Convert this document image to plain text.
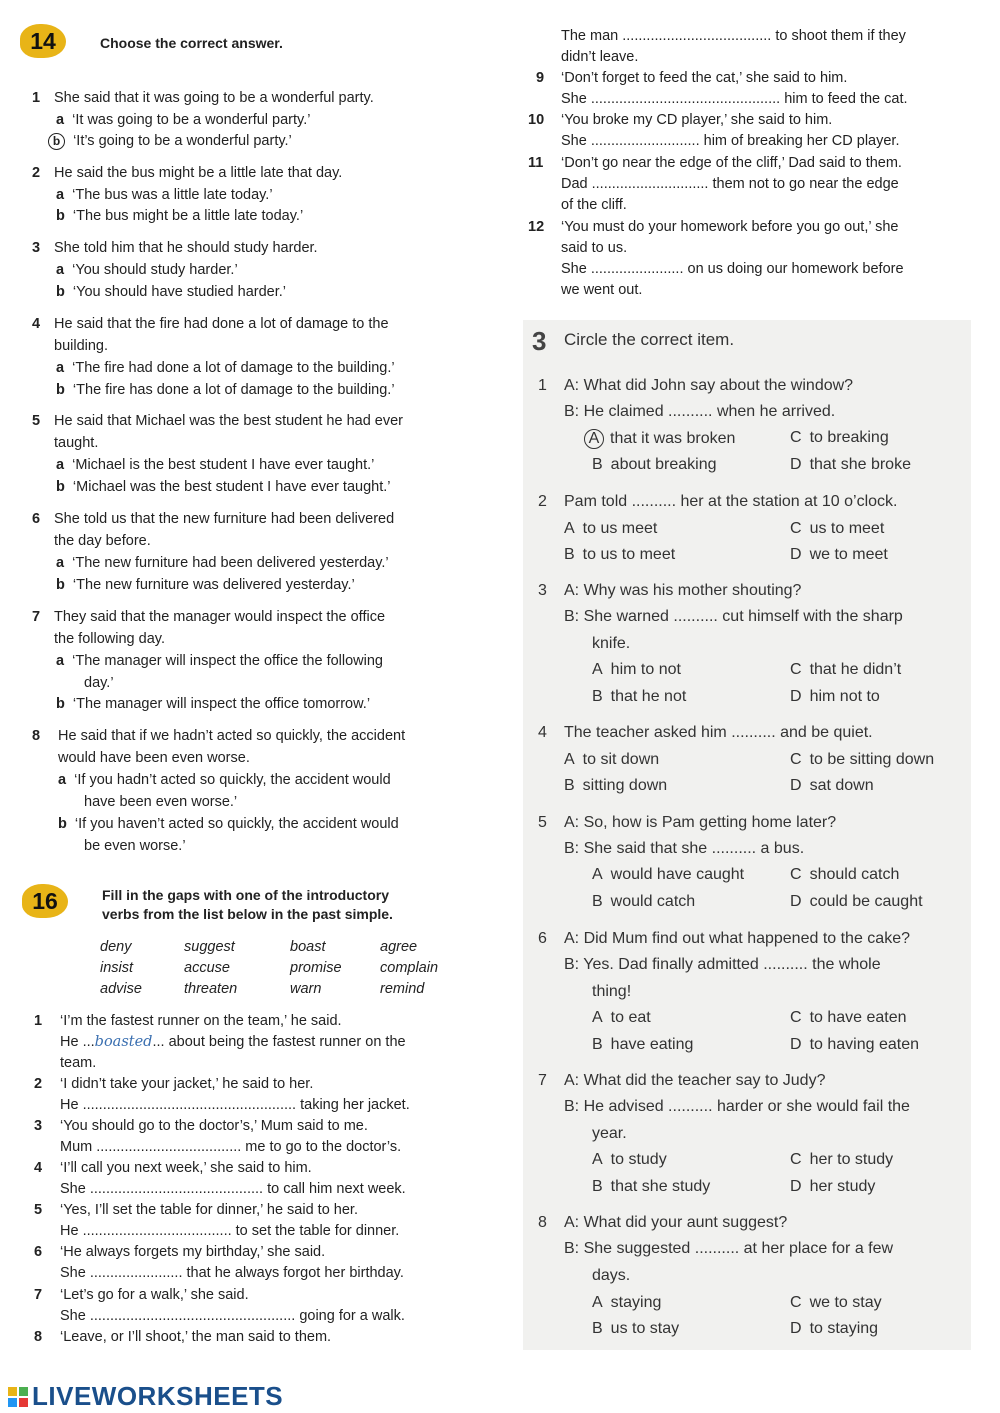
14	Choose the correct answer.
1 She said that it was going to be a wonderful party.
a ‘It was going to be a wonderful party.’
b ‘It’s going to be a wonderful party.’
2 He said the bus might be a little late that day.
a ‘The bus was a little late today.’
b ‘The bus might be a little late today.’
3 She told him that he should study harder.
a ‘You should study harder.’
b ‘You should have studied harder.’
4 He said that the fire had done a lot of damage to the
building.
a ‘The fire had done a lot of damage to the building.’
b ‘The fire has done a lot of damage to the building.’
5 He said that Michael was the best student he had ever
taught.
a ‘Michael is the best student I have ever taught.’
b ‘Michael was the best student I have ever taught.’
6 She told us that the new furniture had been delivered
the day before.
a ‘The new furniture had been delivered yesterday.’
b ‘The new furniture was delivered yesterday.’
7 They said that the manager would inspect the office
the following day.
a ‘The manager will inspect the office the following
day.’
b ‘The manager will inspect the office tomorrow.’
8 He said that if we hadn’t acted so quickly, the accident
would have been even worse.
a ‘If you hadn’t acted so quickly, the accident would
have been even worse.’
b ‘If you haven’t acted so quickly, the accident would
be even worse.’
16	Fill in the gaps with one of the introductory
verbs from the list below in the past simple.
deny	suggest	boast	agree
insist	accuse	promise	complain
advise	threaten	warn	remind
1 ‘I’m the fastest runner on the team,’ he said.
He ...boasted... about being the fastest runner on the
team.
2 ‘I didn’t take your jacket,’ he said to her.
He ..................................................... taking her jacket.
3 ‘You should go to the doctor’s,’ Mum said to me.
Mum .................................... me to go to the doctor’s.
4 ‘I’ll call you next week,’ she said to him.
She ........................................... to call him next week.
5 ‘Yes, I’ll set the table for dinner,’ he said to her.
He ..................................... to set the table for dinner.
6 ‘He always forgets my birthday,’ she said.
She ....................... that he always forgot her birthday.
7 ‘Let’s go for a walk,’ she said.
She ................................................... going for a walk.
8 ‘Leave, or I’ll shoot,’ the man said to them.
The man ..................................... to shoot them if they
didn’t leave.
9 ‘Don’t forget to feed the cat,’ she said to him.
She ............................................... him to feed the cat.
10 ‘You broke my CD player,’ she said to him.
She ........................... him of breaking her CD player.
11 ‘Don’t go near the edge of the cliff,’ Dad said to them.
Dad ............................. them not to go near the edge
of the cliff.
12 ‘You must do your homework before you go out,’ she
said to us.
She ....................... on us doing our homework before
we went out.
3 Circle the correct item.
1 A: What did John say about the window?
B: He claimed .......... when he arrived.
A that it was broken	C to breaking
B about breaking	D that she broke
2 Pam told .......... her at the station at 10 o’clock.
A to us meet	C us to meet
B to us to meet	D we to meet
3 A: Why was his mother shouting?
B: She warned .......... cut himself with the sharp
knife.
A him to not	C that he didn’t
B that he not	D him not to
4 The teacher asked him .......... and be quiet.
A to sit down	C to be sitting down
B sitting down	D sat down
5 A: So, how is Pam getting home later?
B: She said that she .......... a bus.
A would have caught	C should catch
B would catch	D could be caught
6 A: Did Mum find out what happened to the cake?
B: Yes. Dad finally admitted .......... the whole
thing!
A to eat	C to have eaten
B have eating	D to having eaten
7 A: What did the teacher say to Judy?
B: He advised .......... harder or she would fail the
year.
A to study	C her to study
B that she study	D her study
8 A: What did your aunt suggest?
B: She suggested .......... at her place for a few
days.
A staying	C we to stay
B us to stay	D to staying
LIVEWORKSHEETS
